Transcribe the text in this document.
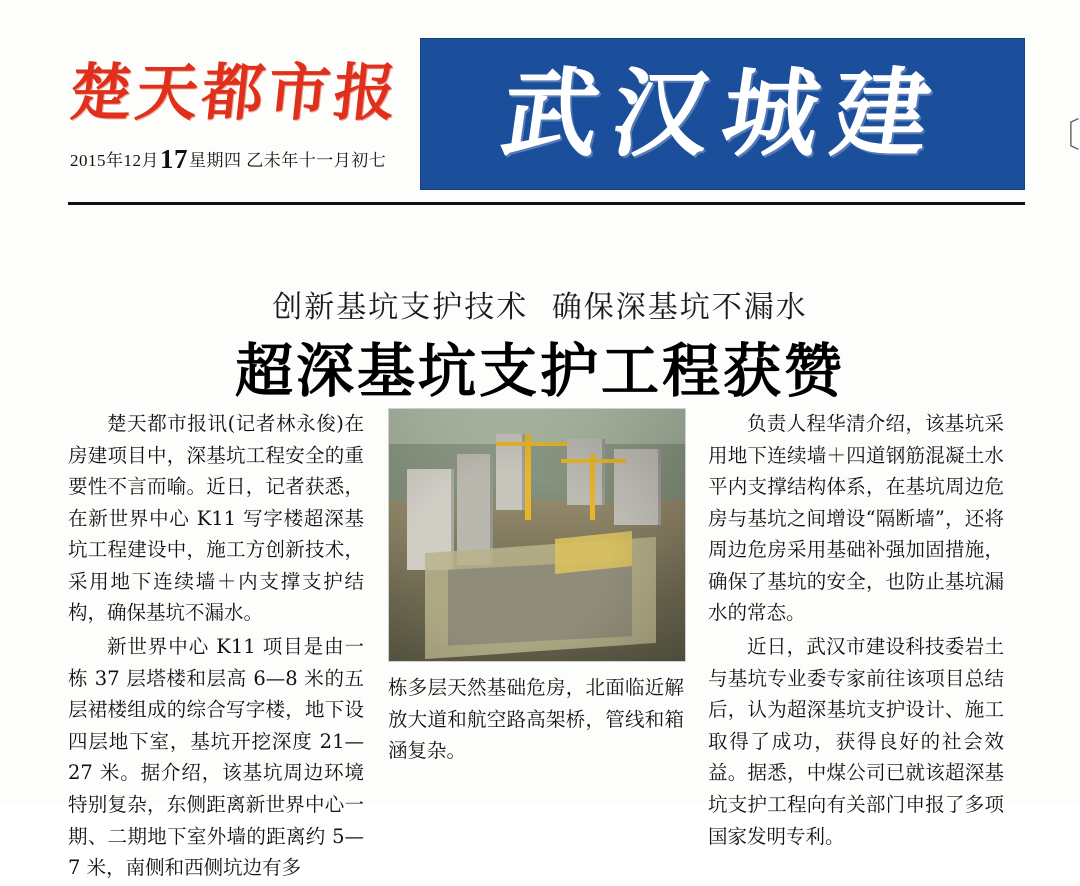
楚天都市报
2015年12月17星期四 乙未年十一月初七 武汉城建	〔
创新基坑支护技术 确保深基坑不漏水
超深基坑支护工程获赞

楚天都市报讯(记者林永俊)在房建项目中，深基坑工程安全的重要性不言而喻。近日，记者获悉，在新世界中心 K11 写字楼超深基坑工程建设中，施工方创新技术，采用地下连续墙＋内支撑支护结构，确保基坑不漏水。

新世界中心 K11 项目是由一栋 37 层塔楼和层高 6—8 米的五层裙楼组成的综合写字楼，地下设四层地下室，基坑开挖深度 21—27 米。据介绍，该基坑周边环境特别复杂，东侧距离新世界中心一期、二期地下室外墙的距离约 5—7 米，南侧和西侧坑边有多

栋多层天然基础危房，北面临近解放大道和航空路高架桥，管线和箱涵复杂。

负责人程华清介绍，该基坑采用地下连续墙＋四道钢筋混凝土水平内支撑结构体系，在基坑周边危房与基坑之间增设“隔断墙”，还将周边危房采用基础补强加固措施，确保了基坑的安全，也防止基坑漏水的常态。

近日，武汉市建设科技委岩土与基坑专业委专家前往该项目总结后，认为超深基坑支护设计、施工取得了成功，获得良好的社会效益。据悉，中煤公司已就该超深基坑支护工程向有关部门申报了多项国家发明专利。
